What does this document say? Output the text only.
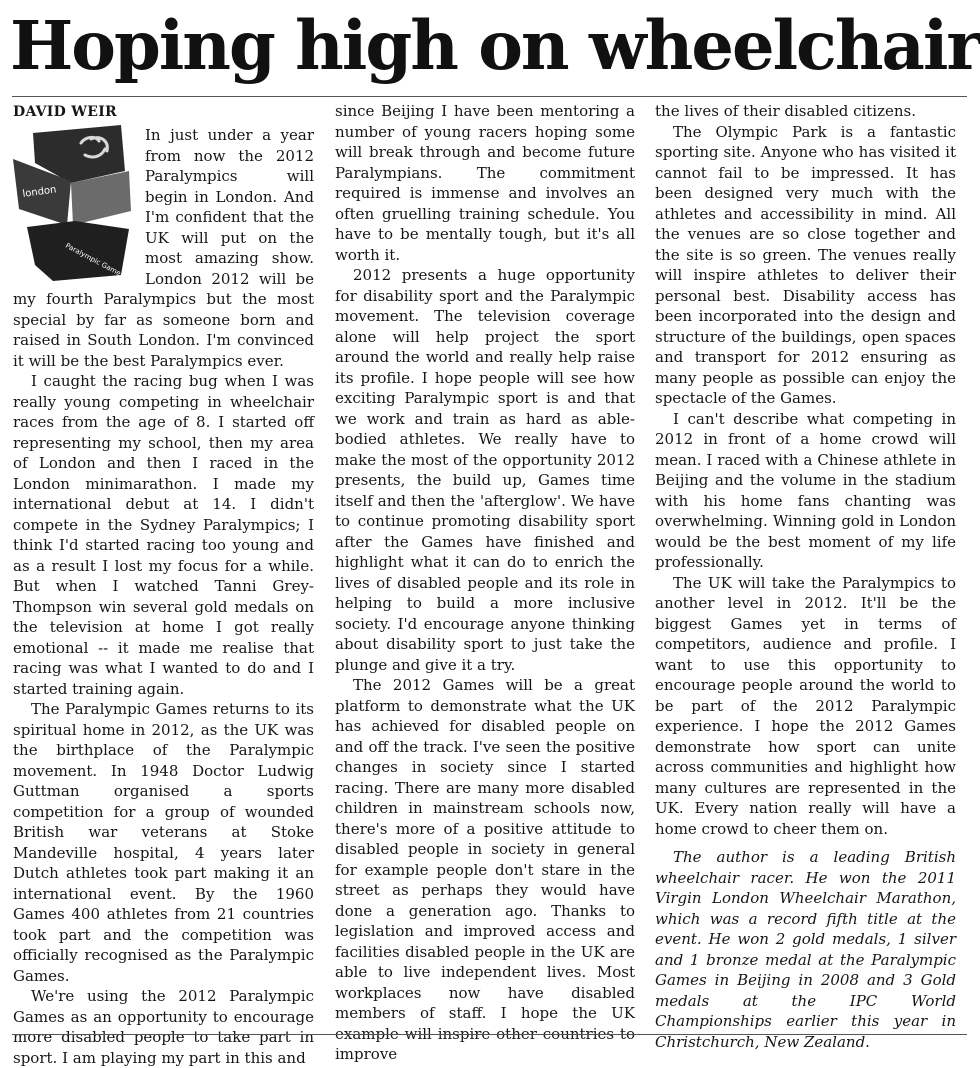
Hoping high on wheelchair
DAVID WEIR
london
Paralympic Games

In just under a year from now the 2012 Paralympics will begin in London. And I'm confident that the UK will put on the most amazing show. London 2012 will be my fourth Paralympics but the most special by far as someone born and raised in South London. I'm convinced it will be the best Paralympics ever.

I caught the racing bug when I was really young competing in wheelchair races from the age of 8. I started off representing my school, then my area of London and then I raced in the London minimarathon. I made my international debut at 14. I didn't compete in the Sydney Paralympics; I think I'd started racing too young and as a result I lost my focus for a while. But when I watched Tanni Grey-Thompson win several gold medals on the television at home I got really emotional -- it made me realise that racing was what I wanted to do and I started training again.

The Paralympic Games returns to its spiritual home in 2012, as the UK was the birthplace of the Paralympic movement. In 1948 Doctor Ludwig Guttman organised a sports competition for a group of wounded British war veterans at Stoke Mandeville hospital, 4 years later Dutch athletes took part making it an international event. By the 1960 Games 400 athletes from 21 countries took part and the competition was officially recognised as the Paralympic Games.

We're using the 2012 Paralympic Games as an opportunity to encourage more disabled people to take part in sport. I am playing my part in this and

since Beijing I have been mentoring a number of young racers hoping some will break through and become future Paralympians. The commitment required is immense and involves an often gruelling training schedule. You have to be mentally tough, but it's all worth it.

2012 presents a huge opportunity for disability sport and the Paralympic movement. The television coverage alone will help project the sport around the world and really help raise its profile. I hope people will see how exciting Paralympic sport is and that we work and train as hard as able-bodied athletes. We really have to make the most of the opportunity 2012 presents, the build up, Games time itself and then the 'afterglow'. We have to continue promoting disability sport after the Games have finished and highlight what it can do to enrich the lives of disabled people and its role in helping to build a more inclusive society. I'd encourage anyone thinking about disability sport to just take the plunge and give it a try.

The 2012 Games will be a great platform to demonstrate what the UK has achieved for disabled people on and off the track. I've seen the positive changes in society since I started racing. There are many more disabled children in mainstream schools now, there's more of a positive attitude to disabled people in society in general for example people don't stare in the street as perhaps they would have done a generation ago. Thanks to legislation and improved access and facilities disabled people in the UK are able to live independent lives. Most workplaces now have disabled members of staff. I hope the UK example will inspire other countries to improve

the lives of their disabled citizens.

The Olympic Park is a fantastic sporting site. Anyone who has visited it cannot fail to be impressed. It has been designed very much with the athletes and accessibility in mind. All the venues are so close together and the site is so green. The venues really will inspire athletes to deliver their personal best. Disability access has been incorporated into the design and structure of the buildings, open spaces and transport for 2012 ensuring as many people as possible can enjoy the spectacle of the Games.

I can't describe what competing in 2012 in front of a home crowd will mean. I raced with a Chinese athlete in Beijing and the volume in the stadium with his home fans chanting was overwhelming. Winning gold in London would be the best moment of my life professionally.

The UK will take the Paralympics to another level in 2012. It'll be the biggest Games yet in terms of competitors, audience and profile. I want to use this opportunity to encourage people around the world to be part of the 2012 Paralympic experience. I hope the 2012 Games demonstrate how sport can unite across communities and highlight how many cultures are represented in the UK. Every nation really will have a home crowd to cheer them on.

The author is a leading British wheelchair racer. He won the 2011 Virgin London Wheelchair Marathon, which was a record fifth title at the event. He won 2 gold medals, 1 silver and 1 bronze medal at the Paralympic Games in Beijing in 2008 and 3 Gold medals at the IPC World Championships earlier this year in Christchurch, New Zealand.
